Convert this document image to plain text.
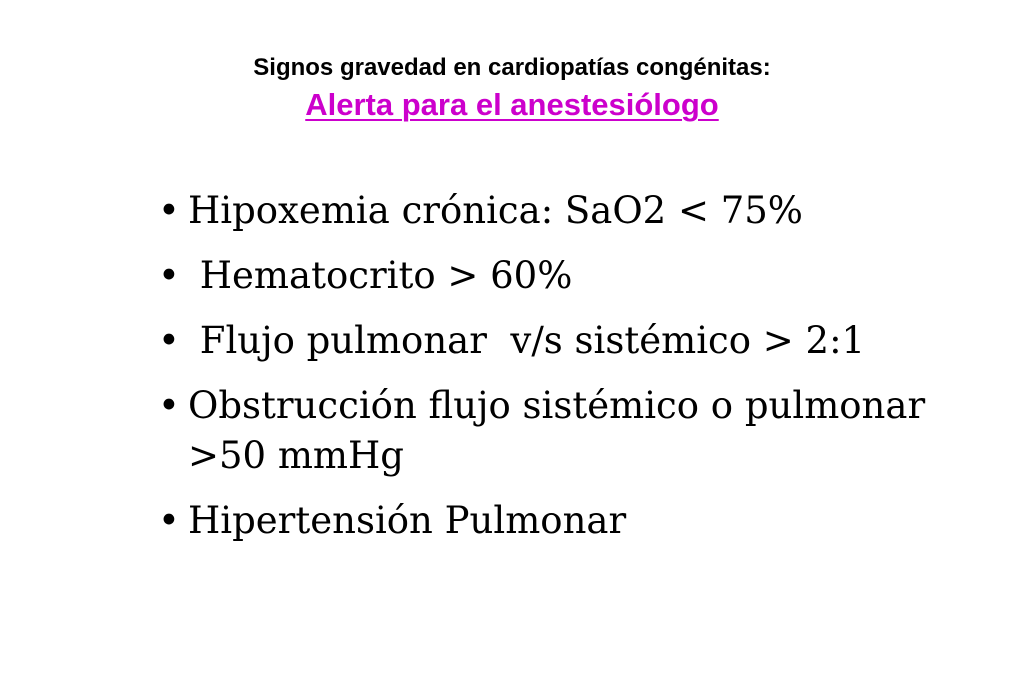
Signos gravedad en cardiopatías congénitas:
Alerta para el anestesiólogo
• Hipoxemia crónica: SaO2 < 75%
• Hematocrito > 60%
• Flujo pulmonar  v/s sistémico > 2:1
• Obstrucción flujo sistémico o pulmonar >50 mmHg
• Hipertensión Pulmonar
